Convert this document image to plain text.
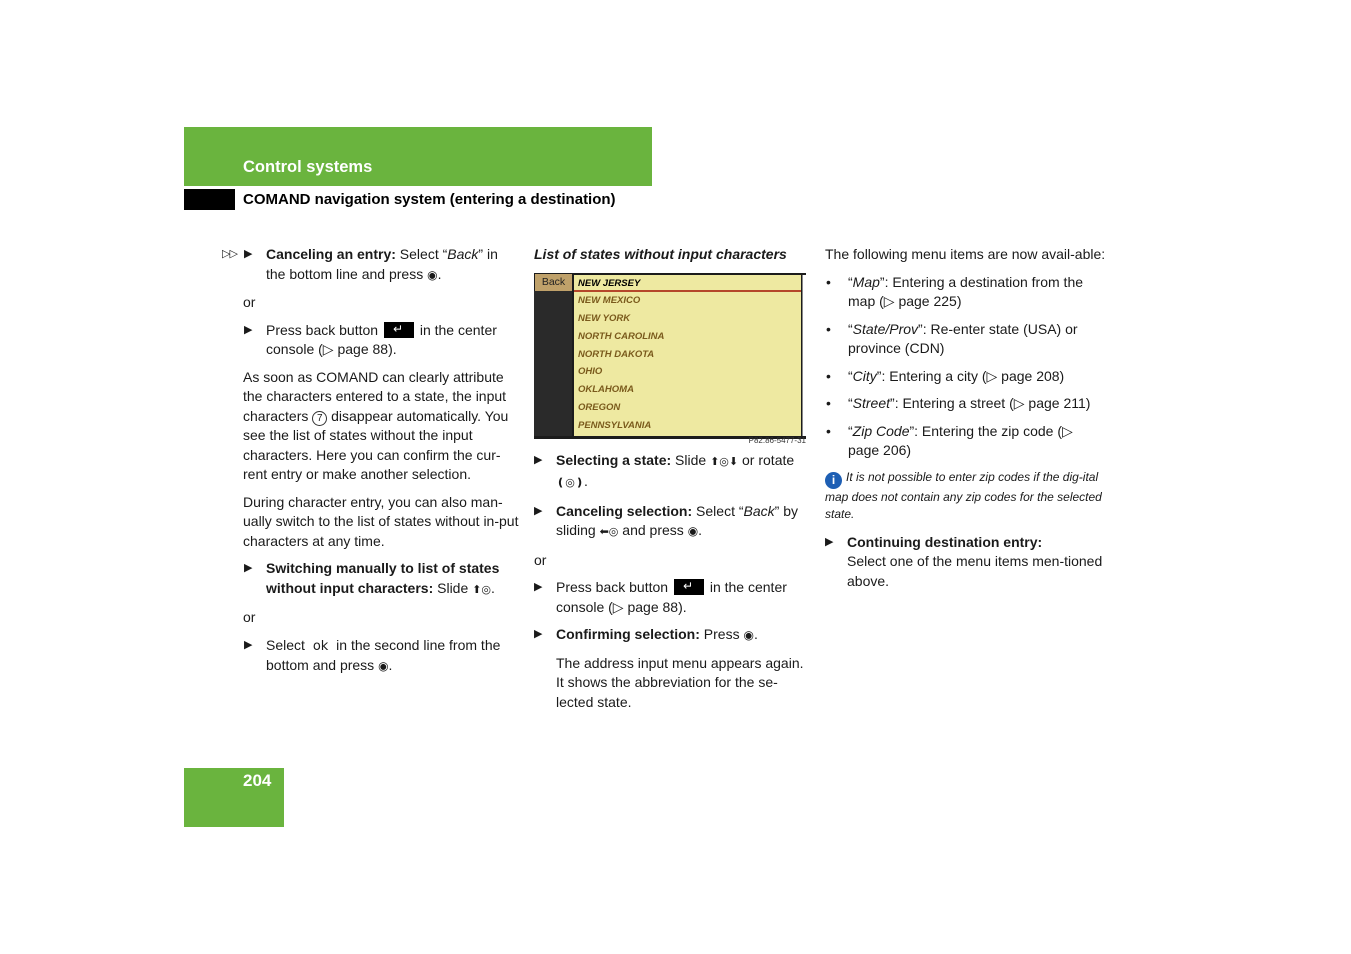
Control systems
COMAND navigation system (entering a destination)
▷▷ ▶ Canceling an entry: Select “Back” in the bottom line and press ◉.
or
▶ Press back button ↵ in the center console (▷ page 88).
As soon as COMAND can clearly attribute the characters entered to a state, the input characters 7 disappear automatically. You see the list of states without the input characters. Here you can confirm the cur-rent entry or make another selection.
During character entry, you can also man-ually switch to the list of states without in-put characters at any time.
▶ Switching manually to list of states without input characters: Slide ⬆◎.
or
▶ Select ok in the second line from the bottom and press ◉.
List of states without input characters
Back	NEW JERSEY
NEW MEXICO
NEW YORK
NORTH CAROLINA
NORTH DAKOTA
OHIO
OKLAHOMA
OREGON
PENNSYLVANIA
P82.86-5477-31
▶ Selecting a state: Slide ⬆◎⬇ or rotate ❪◎❫.
▶ Canceling selection: Select “Back” by sliding ⬅◎ and press ◉.
or
▶ Press back button ↵ in the center console (▷ page 88).
▶ Confirming selection: Press ◉.
The address input menu appears again. It shows the abbreviation for the se-lected state.
The following menu items are now avail-able:
• “Map”: Entering a destination from the map (▷ page 225)
• “State/Prov”: Re-enter state (USA) or province (CDN)
• “City”: Entering a city (▷ page 208)
• “Street”: Entering a street (▷ page 211)
• “Zip Code”: Entering the zip code (▷ page 206)
i It is not possible to enter zip codes if the dig-ital map does not contain any zip codes for the selected state.
▶ Continuing destination entry:
Select one of the menu items men-tioned above.
204
